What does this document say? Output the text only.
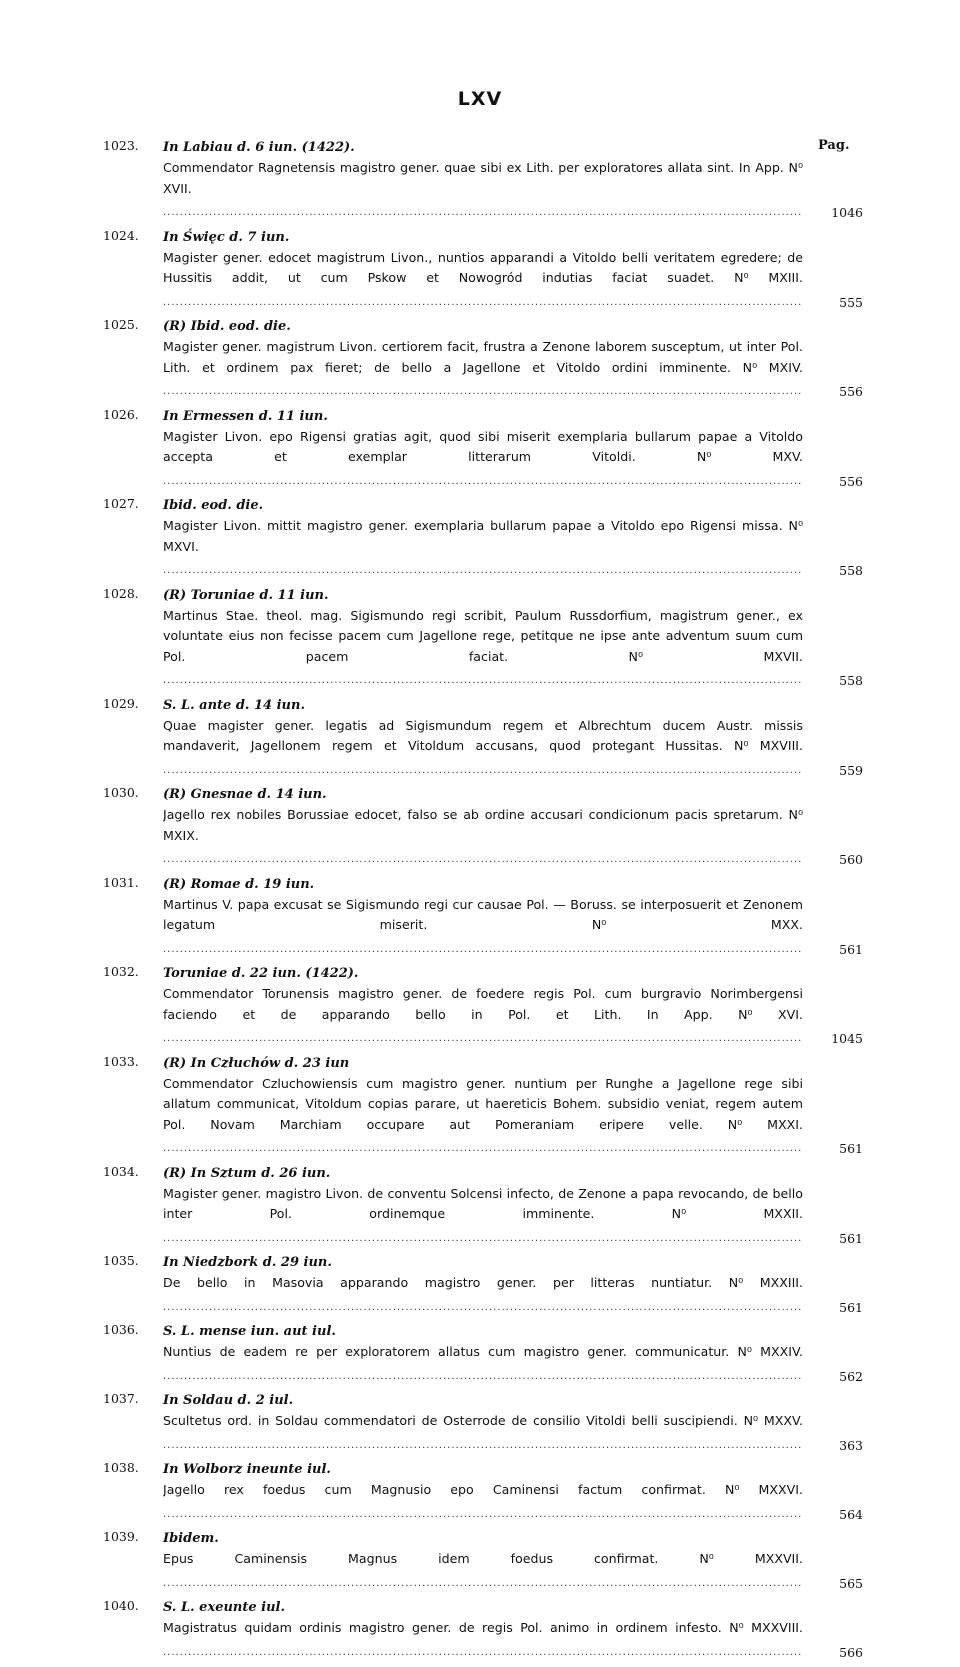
LXV
Pag.
1023.	In Labiau d. 6 iun. (1422).
Commendator Ragnetensis magistro gener. quae sibi ex Lith. per exploratores allata sint. In App. N⁰ XVII. .....
1046
1024.	In Święc d. 7 iun.
Magister gener. edocet magistrum Livon., nuntios apparandi a Vitoldo belli veritatem egredere; de Hussitis addit, ut cum Pskow et Nowogród indutias faciat suadet. N⁰ MXIII. .....
555
1025.	(R) Ibid. eod. die.
Magister gener. magistrum Livon. certiorem facit, frustra a Zenone laborem susceptum, ut inter Pol. Lith. et ordinem pax fieret; de bello a Jagellone et Vitoldo ordini imminente. N⁰ MXIV. .....
556
1026.	In Ermessen d. 11 iun.
Magister Livon. epo Rigensi gratias agit, quod sibi miserit exemplaria bullarum papae a Vitoldo accepta et exemplar litterarum Vitoldi. N⁰ MXV. .....
556
1027.	Ibid. eod. die.
Magister Livon. mittit magistro gener. exemplaria bullarum papae a Vitoldo epo Rigensi missa. N⁰ MXVI. .....
558
1028.	(R) Toruniae d. 11 iun.
Martinus Stae. theol. mag. Sigismundo regi scribit, Paulum Russdorfium, magistrum gener., ex voluntate eius non fecisse pacem cum Jagellone rege, petitque ne ipse ante adventum suum cum Pol. pacem faciat. N⁰ MXVII. .....
558
1029.	S. L. ante d. 14 iun.
Quae magister gener. legatis ad Sigismundum regem et Albrechtum ducem Austr. missis mandaverit, Jagellonem regem et Vitoldum accusans, quod protegant Hussitas. N⁰ MXVIII. .....
559
1030.	(R) Gnesnae d. 14 iun.
Jagello rex nobiles Borussiae edocet, falso se ab ordine accusari condicionum pacis spretarum. N⁰ MXIX. .....
560
1031.	(R) Romae d. 19 iun.
Martinus V. papa excusat se Sigismundo regi cur causae Pol. — Boruss. se interposuerit et Zenonem legatum miserit. N⁰ MXX. .....
561
1032.	Toruniae d. 22 iun. (1422).
Commendator Torunensis magistro gener. de foedere regis Pol. cum burgravio Norimbergensi faciendo et de apparando bello in Pol. et Lith. In App. N⁰ XVI. .....
1045
1033.	(R) In Człuchów d. 23 iun
Commendator Czluchowiensis cum magistro gener. nuntium per Runghe a Jagellone rege sibi allatum communicat, Vitoldum copias parare, ut haereticis Bohem. subsidio veniat, regem autem Pol. Novam Marchiam occupare aut Pomeraniam eripere velle. N⁰ MXXI. .....
561
1034.	(R) In Sztum d. 26 iun.
Magister gener. magistro Livon. de conventu Solcensi infecto, de Zenone a papa revocando, de bello inter Pol. ordinemque imminente. N⁰ MXXII. .....
561
1035.	In Niedzbork d. 29 iun.
De bello in Masovia apparando magistro gener. per litteras nuntiatur. N⁰ MXXIII. .....
561
1036.	S. L. mense iun. aut iul.
Nuntius de eadem re per exploratorem allatus cum magistro gener. communicatur. N⁰ MXXIV. .....
562
1037.	In Soldau d. 2 iul.
Scultetus ord. in Soldau commendatori de Osterrode de consilio Vitoldi belli suscipiendi. N⁰ MXXV. .....
363
1038.	In Wolborz ineunte iul.
Jagello rex foedus cum Magnusio epo Caminensi factum confirmat. N⁰ MXXVI. .....
564
1039.	Ibidem.
Epus Caminensis Magnus idem foedus confirmat. N⁰ MXXVII. .....
565
1040.	S. L. exeunte iul.
Magistratus quidam ordinis magistro gener. de regis Pol. animo in ordinem infesto. N⁰ MXXVIII. .....
566
